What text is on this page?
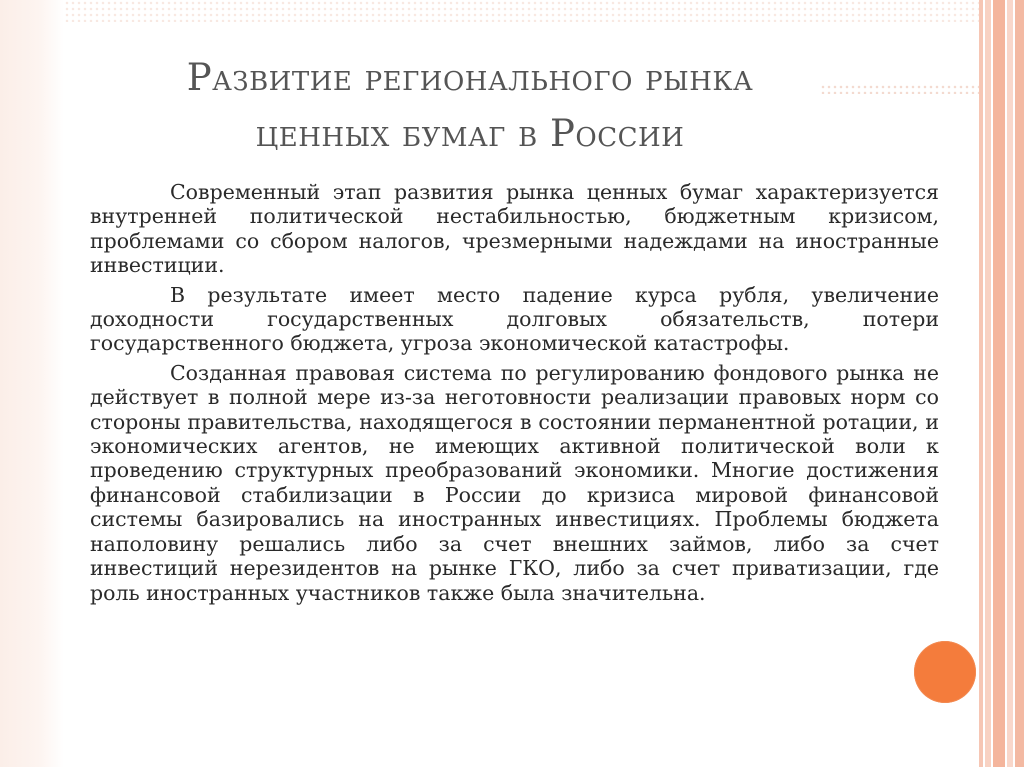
Развитие регионального рынка
ценных бумаг в России

Современный этап развития рынка ценных бумаг характеризуется внутренней политической нестабильностью, бюджетным кризисом, проблемами со сбором налогов, чрезмерными надеждами на иностранные инвестиции.

В результате имеет место падение курса рубля, увеличение доходности государственных долговых обязательств, потери государственного бюджета, угроза экономической катастрофы.

Созданная правовая система по регулированию фондового рынка не действует в полной мере из-за неготовности реализации правовых норм со стороны правительства, находящегося в состоянии перманентной ротации, и экономических агентов, не имеющих активной политической воли к проведению структурных преобразований экономики. Многие достижения финансовой стабилизации в России до кризиса мировой финансовой системы базировались на иностранных инвестициях. Проблемы бюджета наполовину решались либо за счет внешних займов, либо за счет инвестиций нерезидентов на рынке ГКО, либо за счет приватизации, где роль иностранных участников также была значительна.
